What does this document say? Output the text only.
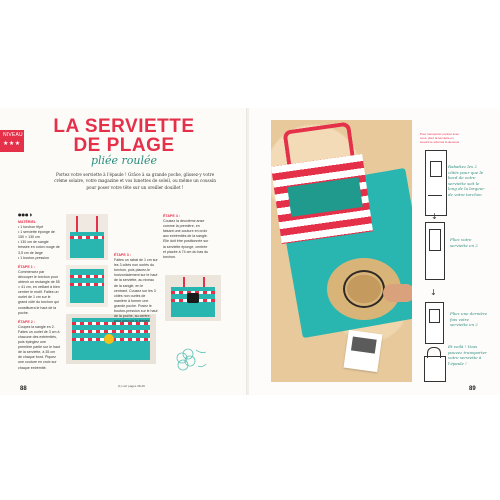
NIVEAU
★★★
LA SERVIETTE
DE PLAGE
pliée roulée
Portez votre serviette à l'épaule ! Grâce à sa grande poche, glissez-y votre crème solaire, votre magazine et vos lunettes de soleil, ou même un coussin pour poser votre tête sur un oreiller douillet !
●●● ◗
MATÉRIEL
• 1 torchon fripé
• 1 serviette éponge de 150 × 130 cm
• 130 cm de sangle tressée en coton rouge de 3,5 cm de large
• 1 bouton-pression
ÉTAPE 1 :
Commencez par découper le torchon pour obtenir un rectangle de 55 × 41 cm, en veillant à bien centrer le motif. Faites un ourlet de 1 cm sur le grand côté du torchon qui constituera le haut de la poche.
ÉTAPE 2 :
Coupez la sangle en 2. Faites un ourlet de 3 cm à chacune des extrémités, puis épinglez une première partie sur le haut de la serviette, à 35 cm de chaque bord. Piquez une couture en croix sur chaque extrémité.
ÉTAPE 3 :
Faites un rabat de 1 cm sur les 3 côtés non ourlés du torchon, puis placez-le horizontalement sur le haut de la serviette, au niveau de la sangle, en le centrant. Cousez sur les 3 côtés non ourlés de manière à former une grande poche. Posez le bouton-pression sur le haut de la poche, au centre, pour pouvoir la fermer.
ÉTAPE 4 :
Cousez la deuxième anse comme la première, en faisant une couture en croix aux extrémités de la sangle. Elle doit être positionnée sur la serviette éponge, centrée et placée à 74 cm du bas du torchon.
(1) voir pages 48-49
88	89
Pour transporter partout avec vous, pliez la serviette en suivant le schéma ci-dessous
Rabattez les 2 côtés pour que le bord de votre serviette soit le long de la largeur de votre torchon
↓
Pliez votre serviette en 2
↓
Pliez une dernière fois votre serviette en 2
Et voilà ! Vous pouvez transporter votre serviette à l'épaule !
